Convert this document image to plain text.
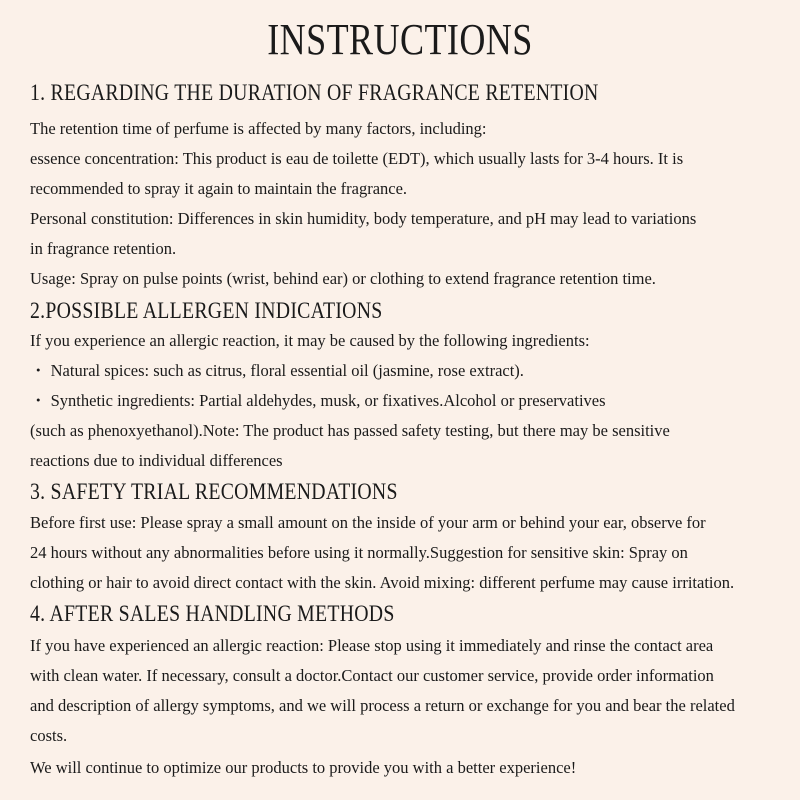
INSTRUCTIONS
1. REGARDING THE DURATION OF FRAGRANCE RETENTION

The retention time of perfume is affected by many factors, including:

essence concentration: This product is eau de toilette (EDT), which usually lasts for 3-4 hours. It is

recommended to spray it again to maintain the fragrance.

Personal constitution: Differences in skin humidity, body temperature, and pH may lead to variations

in fragrance retention.

Usage: Spray on pulse points (wrist, behind ear) or clothing to extend fragrance retention time.

2.POSSIBLE ALLERGEN INDICATIONS

If you experience an allergic reaction, it may be caused by the following ingredients:

・ Natural spices: such as citrus, floral essential oil (jasmine, rose extract).

・ Synthetic ingredients: Partial aldehydes, musk, or fixatives.Alcohol or preservatives

(such as phenoxyethanol).Note: The product has passed safety testing, but there may be sensitive

reactions due to individual differences

3. SAFETY TRIAL RECOMMENDATIONS

Before first use: Please spray a small amount on the inside of your arm or behind your ear, observe for

24 hours without any abnormalities before using it normally.Suggestion for sensitive skin: Spray on

clothing or hair to avoid direct contact with the skin. Avoid mixing: different perfume may cause irritation.

4. AFTER SALES HANDLING METHODS

If you have experienced an allergic reaction: Please stop using it immediately and rinse the contact area

with clean water. If necessary, consult a doctor.Contact our customer service, provide order information

and description of allergy symptoms, and we will process a return or exchange for you and bear the related

costs.

We will continue to optimize our products to provide you with a better experience!
